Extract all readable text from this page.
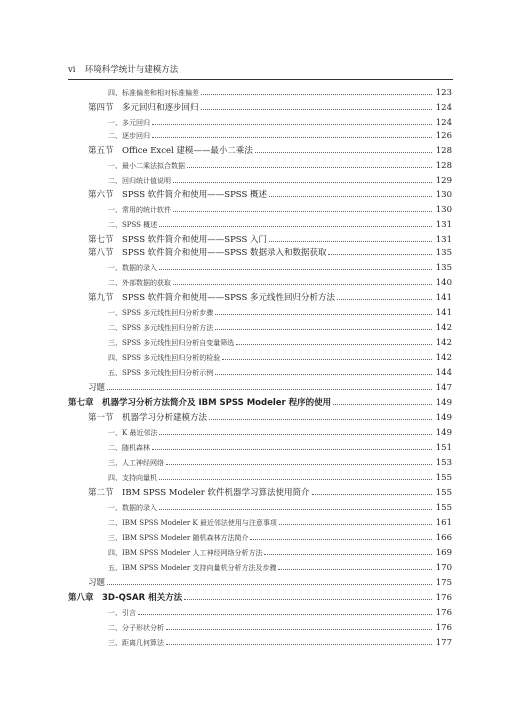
vi 环境科学统计与建模方法
四、标准偏差和相对标准偏差	123
第四节　多元回归和逐步回归	124
一、多元回归	124
二、逐步回归	126
第五节　Office Excel 建模——最小二乘法	128
一、最小二乘法拟合数据	128
二、回归统计值说明	129
第六节　SPSS 软件简介和使用——SPSS 概述	130
一、常用的统计软件	130
二、SPSS 概述	131
第七节　SPSS 软件简介和使用——SPSS 入门	131
第八节　SPSS 软件简介和使用——SPSS 数据录入和数据获取	135
一、数据的录入	135
二、外部数据的获取	140
第九节　SPSS 软件简介和使用——SPSS 多元线性回归分析方法	141
一、SPSS 多元线性回归分析步骤	141
二、SPSS 多元线性回归分析方法	142
三、SPSS 多元线性回归分析自变量筛选	142
四、SPSS 多元线性回归分析的检验	142
五、SPSS 多元线性回归分析示例	144
习题	147
第七章　机器学习分析方法简介及 IBM SPSS Modeler 程序的使用	149
第一节　机器学习分析建模方法	149
一、K 最近邻法	149
二、随机森林	151
三、人工神经网络	153
四、支持向量机	155
第二节　IBM SPSS Modeler 软件机器学习算法使用简介	155
一、数据的录入	155
二、IBM SPSS Modeler K 最近邻法使用与注意事项	161
三、IBM SPSS Modeler 随机森林方法简介	166
四、IBM SPSS Modeler 人工神经网络分析方法	169
五、IBM SPSS Modeler 支持向量机分析方法及步骤	170
习题	175
第八章　3D-QSAR 相关方法	176
一、引言	176
二、分子形状分析	176
三、距离几何算法	177
